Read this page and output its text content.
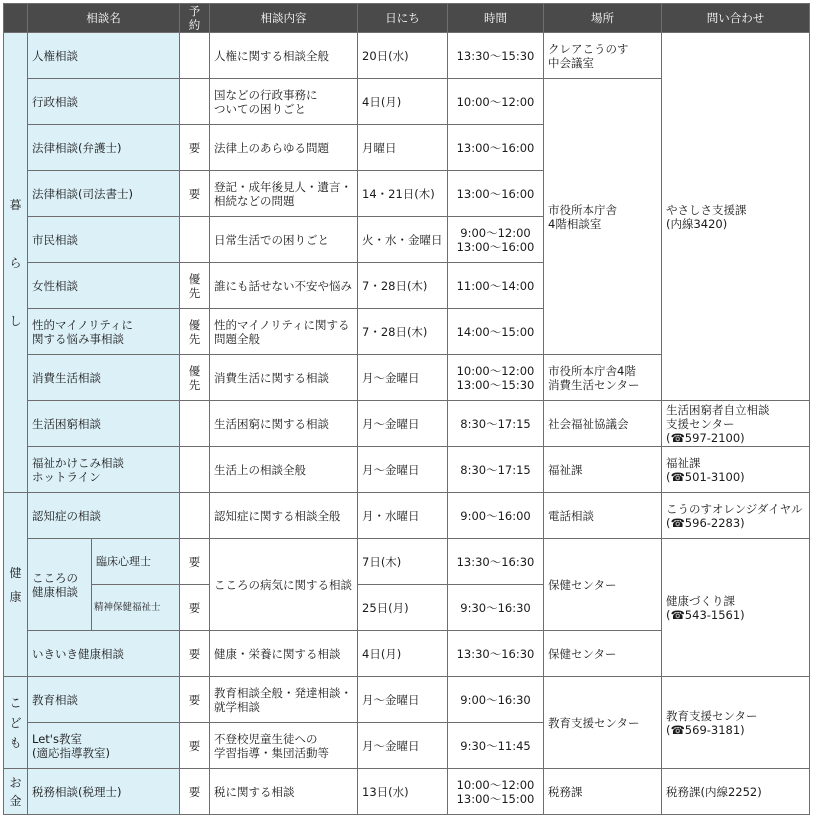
	相談名		予約	相談内容	日にち	時間	場所	問い合わせ

暮
ら
し	人権相談			人権に関する相談全般	20日(水)	13:30〜15:30	クレアこうのす
中会議室	やさしさ支援課
(内線3420)

	行政相談			国などの行政事務に
ついての困りごと	4日(月)	10:00〜12:00	市役所本庁舎
4階相談室	

	法律相談(弁護士)		要	法律上のあらゆる問題	月曜日	13:00〜16:00		
	法律相談(司法書士)		要	登記・成年後見人・遺言・
相続などの問題	14・21日(木)	13:00〜16:00		
	市民相談			日常生活での困りごと	火・水・金曜日	9:00〜12:00
13:00〜16:00		

	女性相談		優先	誰にも話せない不安や悩み	7・28日(木)	11:00〜14:00		

	性的マイノリティに
関する悩み事相談		優先	性的マイノリティに関する
問題全般	7・28日(木)	14:00〜15:00		
	消費生活相談		優先	消費生活に関する相談	月〜金曜日	10:00〜12:00
13:00〜15:30	市役所本庁舎4階
消費生活センター	

	生活困窮相談			生活困窮に関する相談	月〜金曜日	8:30〜17:15	社会福祉協議会	生活困窮者自立相談
支援センター
(☎597-2100)

	福祉かけこみ相談
ホットライン			生活上の相談全般	月〜金曜日	8:30〜17:15	福祉課	福祉課
(☎501-3100)

健
康	認知症の相談			認知症に関する相談全般	月・水曜日	9:00〜16:00	電話相談	こうのすオレンジダイヤル
(☎596-2283)

	こころの
健康相談	臨床心理士	要	こころの病気に関する相談	7日(木)	13:30〜16:30	保健センター	健康づくり課
(☎543-1561)

		精神保健福祉士	要		25日(月)	9:30〜16:30		
	いきいき健康相談		要	健康・栄養に関する相談	4日(月)	13:30〜16:30	保健センター	

こ
ど
も	教育相談		要	教育相談全般・発達相談・
就学相談	月〜金曜日	9:00〜16:30	教育支援センター	教育支援センター
(☎569-3181)

	Let's教室
(適応指導教室)		要	不登校児童生徒への
学習指導・集団活動等	月〜金曜日	9:30〜11:45		

お
金	税務相談(税理士)		要	税に関する相談	13日(水)	10:00〜12:00
13:00〜15:00	税務課	税務課(内線2252)
